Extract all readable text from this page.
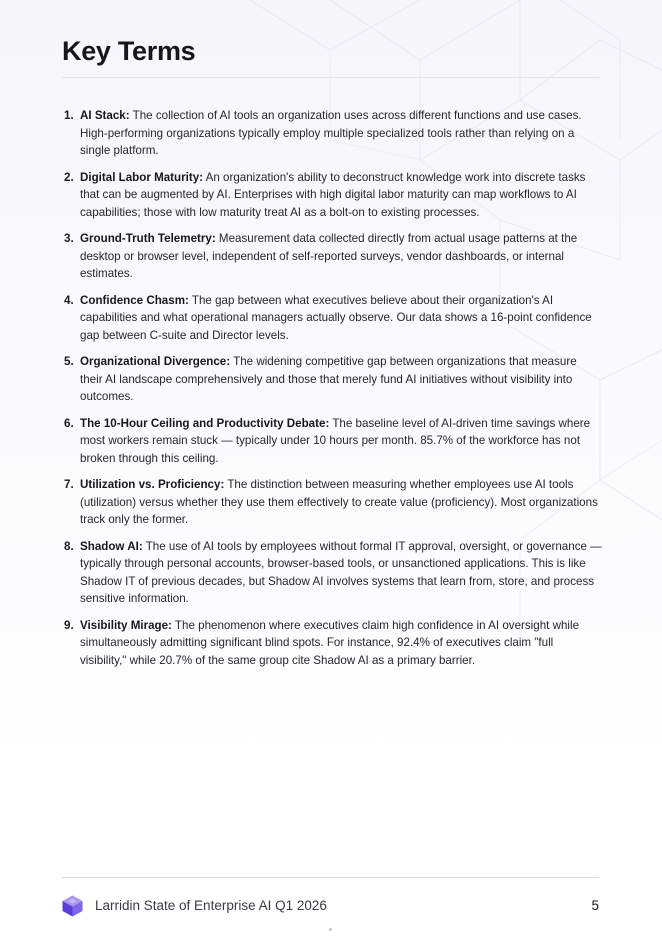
Key Terms
1. AI Stack: The collection of AI tools an organization uses across different functions and use cases. High-performing organizations typically employ multiple specialized tools rather than relying on a single platform.
2. Digital Labor Maturity: An organization's ability to deconstruct knowledge work into discrete tasks that can be augmented by AI. Enterprises with high digital labor maturity can map workflows to AI capabilities; those with low maturity treat AI as a bolt-on to existing processes.
3. Ground-Truth Telemetry: Measurement data collected directly from actual usage patterns at the desktop or browser level, independent of self-reported surveys, vendor dashboards, or internal estimates.
4. Confidence Chasm: The gap between what executives believe about their organization's AI capabilities and what operational managers actually observe. Our data shows a 16-point confidence gap between C-suite and Director levels.
5. Organizational Divergence: The widening competitive gap between organizations that measure their AI landscape comprehensively and those that merely fund AI initiatives without visibility into outcomes.
6. The 10-Hour Ceiling and Productivity Debate: The baseline level of AI-driven time savings where most workers remain stuck — typically under 10 hours per month. 85.7% of the workforce has not broken through this ceiling.
7. Utilization vs. Proficiency: The distinction between measuring whether employees use AI tools (utilization) versus whether they use them effectively to create value (proficiency). Most organizations track only the former.
8. Shadow AI: The use of AI tools by employees without formal IT approval, oversight, or governance — typically through personal accounts, browser-based tools, or unsanctioned applications. This is like Shadow IT of previous decades, but Shadow AI involves systems that learn from, store, and process sensitive information.
9. Visibility Mirage: The phenomenon where executives claim high confidence in AI oversight while simultaneously admitting significant blind spots. For instance, 92.4% of executives claim "full visibility," while 20.7% of the same group cite Shadow AI as a primary barrier.
Larridin State of Enterprise AI Q1 2026	5
